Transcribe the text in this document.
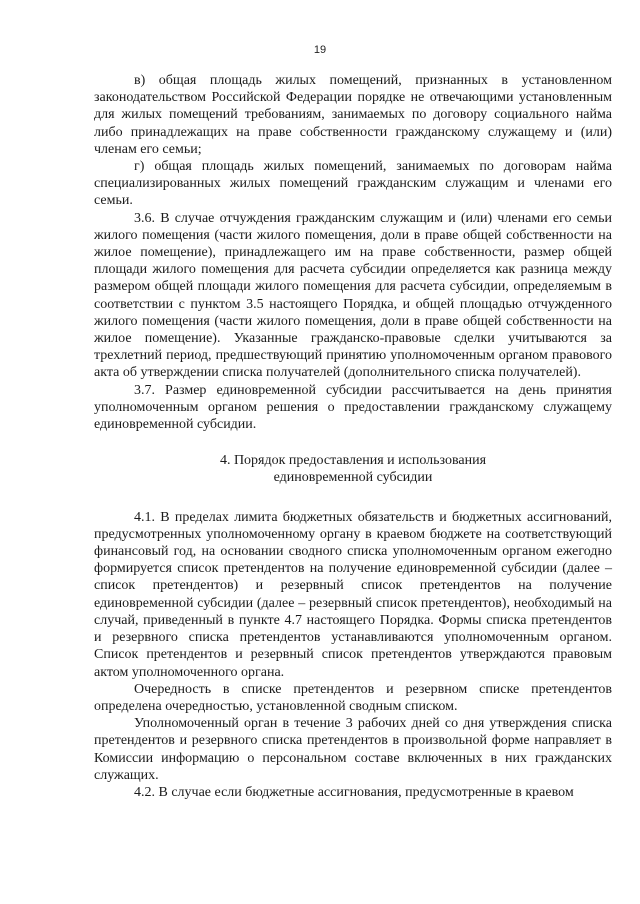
19

в) общая площадь жилых помещений, признанных в установленном законодательством Российской Федерации порядке не отвечающими установленным для жилых помещений требованиям, занимаемых по договору социального найма либо принадлежащих на праве собственности гражданскому служащему и (или) членам его семьи;

г) общая площадь жилых помещений, занимаемых по договорам найма специализированных жилых помещений гражданским служащим и членами его семьи.

3.6. В случае отчуждения гражданским служащим и (или) членами его семьи жилого помещения (части жилого помещения, доли в праве общей собственности на жилое помещение), принадлежащего им на праве собственности, размер общей площади жилого помещения для расчета субсидии определяется как разница между размером общей площади жилого помещения для расчета субсидии, определяемым в соответствии с пунктом 3.5 настоящего Порядка, и общей площадью отчужденного жилого помещения (части жилого помещения, доли в праве общей собственности на жилое помещение). Указанные гражданско-правовые сделки учитываются за трехлетний период, предшествующий принятию уполномоченным органом правового акта об утверждении списка получателей (дополнительного списка получателей).

3.7. Размер единовременной субсидии рассчитывается на день принятия уполномоченным органом решения о предоставлении гражданскому служащему единовременной субсидии.

4. Порядок предоставления и использования
единовременной субсидии

4.1. В пределах лимита бюджетных обязательств и бюджетных ассигнований, предусмотренных уполномоченному органу в краевом бюджете на соответствующий финансовый год, на основании сводного списка уполномоченным органом ежегодно формируется список претендентов на получение единовременной субсидии (далее – список претендентов) и резервный список претендентов на получение единовременной субсидии (далее – резервный список претендентов), необходимый на случай, приведенный в пункте 4.7 настоящего Порядка. Формы списка претендентов и резервного списка претендентов устанавливаются уполномоченным органом. Список претендентов и резервный список претендентов утверждаются правовым актом уполномоченного органа.

Очередность в списке претендентов и резервном списке претендентов определена очередностью, установленной сводным списком.

Уполномоченный орган в течение 3 рабочих дней со дня утверждения списка претендентов и резервного списка претендентов в произвольной форме направляет в Комиссии информацию о персональном составе включенных в них гражданских служащих.

4.2. В случае если бюджетные ассигнования, предусмотренные в краевом
